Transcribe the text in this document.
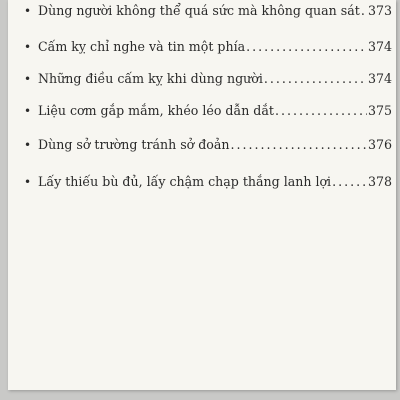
• Dùng người không thể quá sức mà không quan sát . . . 373
• Cấm kỵ chỉ nghe và tin một phía . . .	374
• Những điều cấm kỵ khi dùng người . . .	374
• Liệu cơm gắp mắm, khéo léo dẫn dắt . . .	375
• Dùng sở trường tránh sở đoản . . .	376
• Lấy thiếu bù đủ, lấy chậm chạp thắng lanh lợi . . .	378
